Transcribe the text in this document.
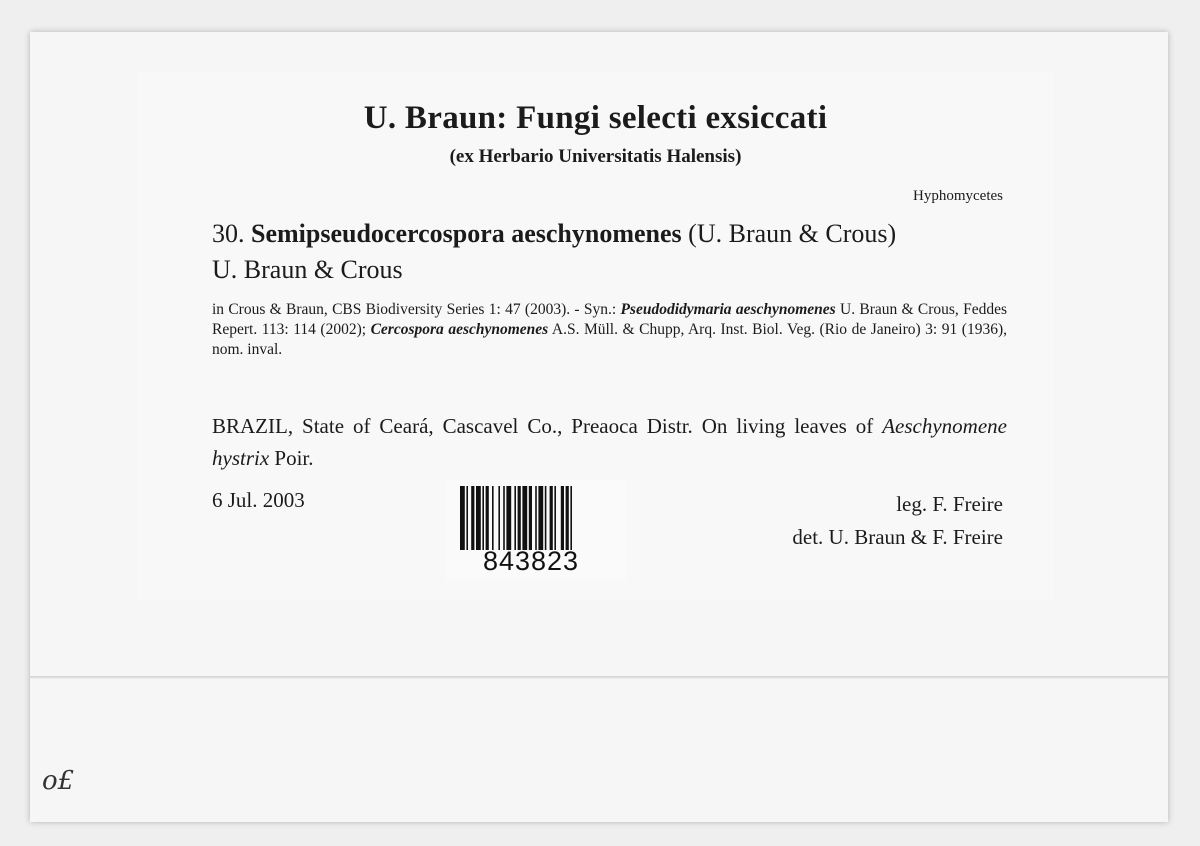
U. Braun: Fungi selecti exsiccati
(ex Herbario Universitatis Halensis)
Hyphomycetes
30. Semipseudocercospora aeschynomenes (U. Braun & Crous)
U. Braun & Crous
in Crous & Braun, CBS Biodiversity Series 1: 47 (2003). - Syn.: Pseudodidymaria aeschynomenes U. Braun & Crous, Feddes Repert. 113: 114 (2002); Cercospora aeschynomenes A.S. Müll. & Chupp, Arq. Inst. Biol. Veg. (Rio de Janeiro) 3: 91 (1936), nom. inval.
BRAZIL, State of Ceará, Cascavel Co., Preaoca Distr. On living leaves of Aeschynomene hystrix Poir.
6 Jul. 2003	leg. F. Freire
det. U. Braun & F. Freire
843823
o£
